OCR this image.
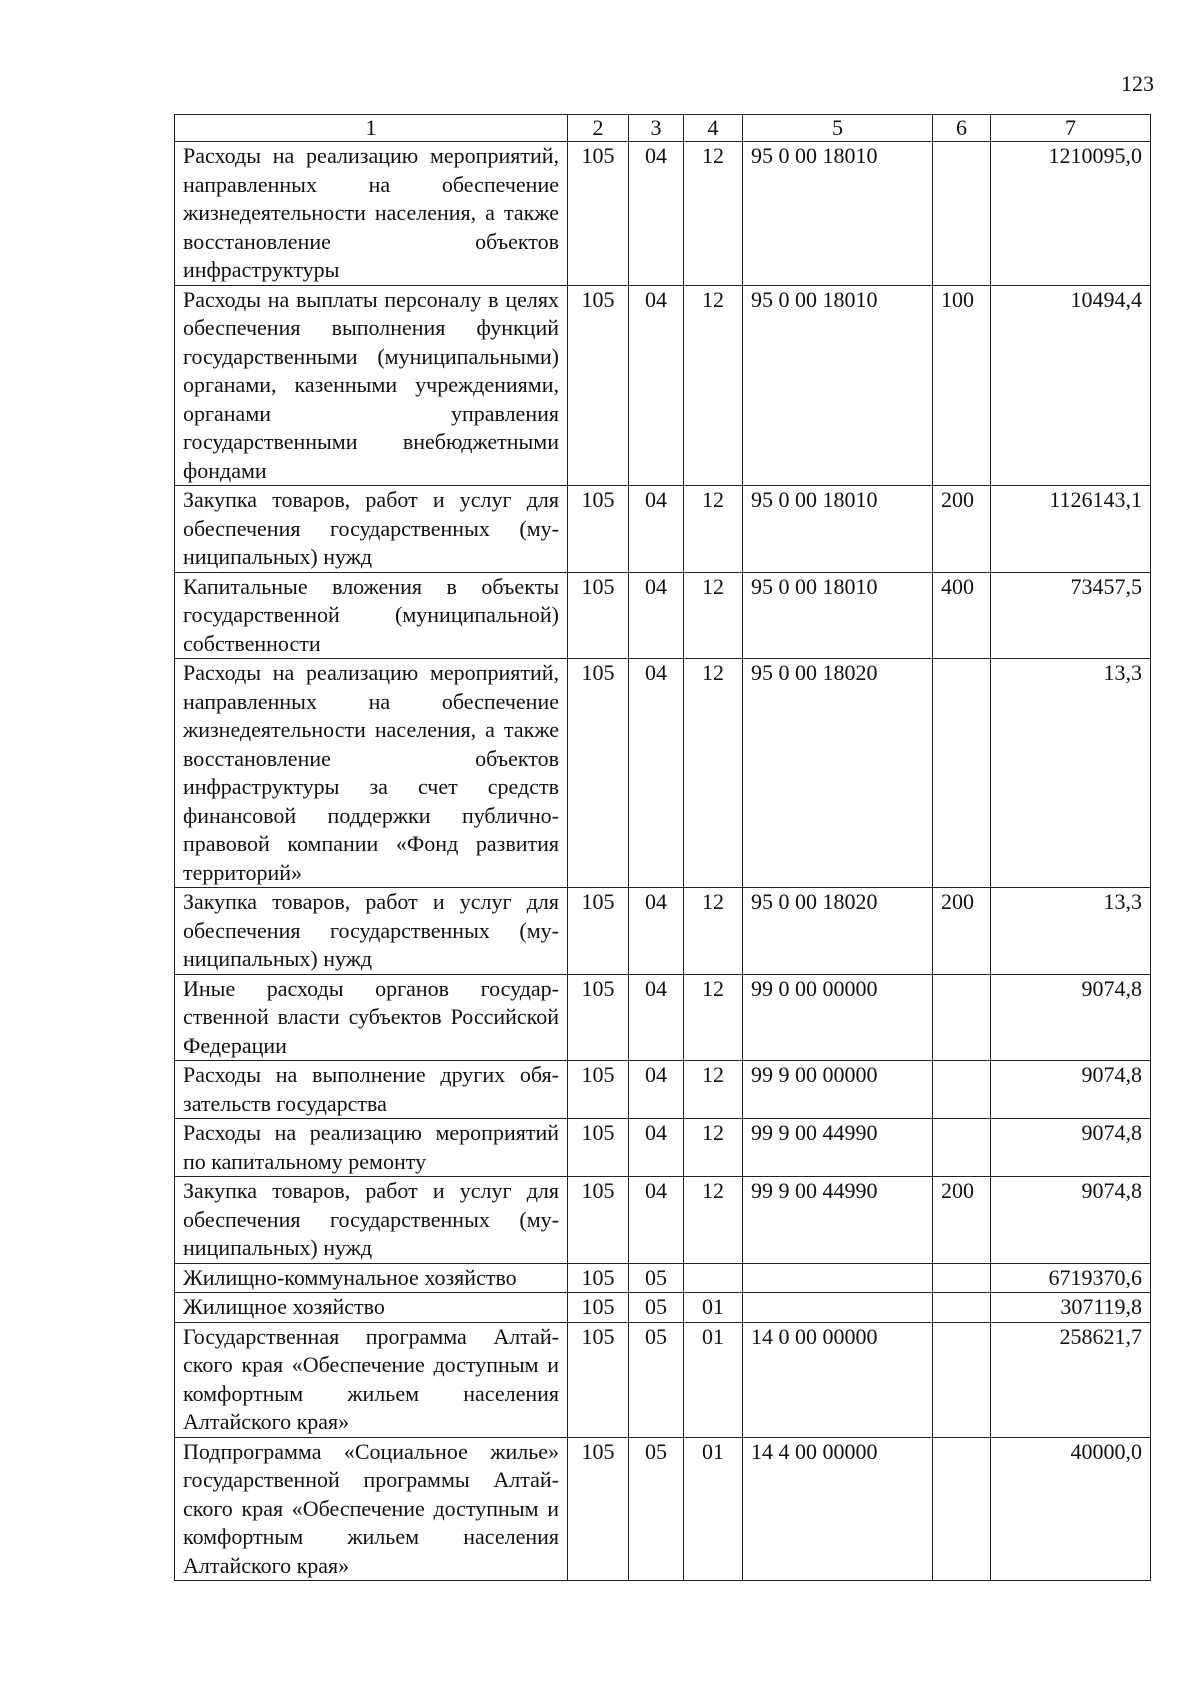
123
1	2	3	4	5	6	7
Расходы на реализацию мероприятий, направленных на обеспечение жизнедеятельности населения, а также восстановление объектов инфраструктуры	105	04	12	95 0 00 18010		1210095,0
Расходы на выплаты персоналу в целях обеспечения выполнения функций государственными (муниципальными) органами, казенными учреждениями, органами управления государственными внебюджетными фондами	105	04	12	95 0 00 18010	100	10494,4
Закупка товаров, работ и услуг для обеспечения государственных (муниципальных) нужд	105	04	12	95 0 00 18010	200	1126143,1
Капитальные вложения в объекты государственной (муниципальной) собственности	105	04	12	95 0 00 18010	400	73457,5
Расходы на реализацию мероприятий, направленных на обеспечение жизнедеятельности населения, а также восстановление объектов инфраструктуры за счет средств финансовой поддержки публично-правовой компании «Фонд развития территорий»	105	04	12	95 0 00 18020		13,3
Закупка товаров, работ и услуг для обеспечения государственных (муниципальных) нужд	105	04	12	95 0 00 18020	200	13,3
Иные расходы органов государственной власти субъектов Российской Федерации	105	04	12	99 0 00 00000		9074,8
Расходы на выполнение других обязательств государства	105	04	12	99 9 00 00000		9074,8
Расходы на реализацию мероприятий по капитальному ремонту	105	04	12	99 9 00 44990		9074,8
Закупка товаров, работ и услуг для обеспечения государственных (муниципальных) нужд	105	04	12	99 9 00 44990	200	9074,8
Жилищно-коммунальное хозяйство	105	05				6719370,6
Жилищное хозяйство	105	05	01			307119,8
Государственная программа Алтайского края «Обеспечение доступным и комфортным жильем населения Алтайского края»	105	05	01	14 0 00 00000		258621,7
Подпрограмма «Социальное жилье» государственной программы Алтайского края «Обеспечение доступным и комфортным жильем населения Алтайского края»	105	05	01	14 4 00 00000		40000,0
